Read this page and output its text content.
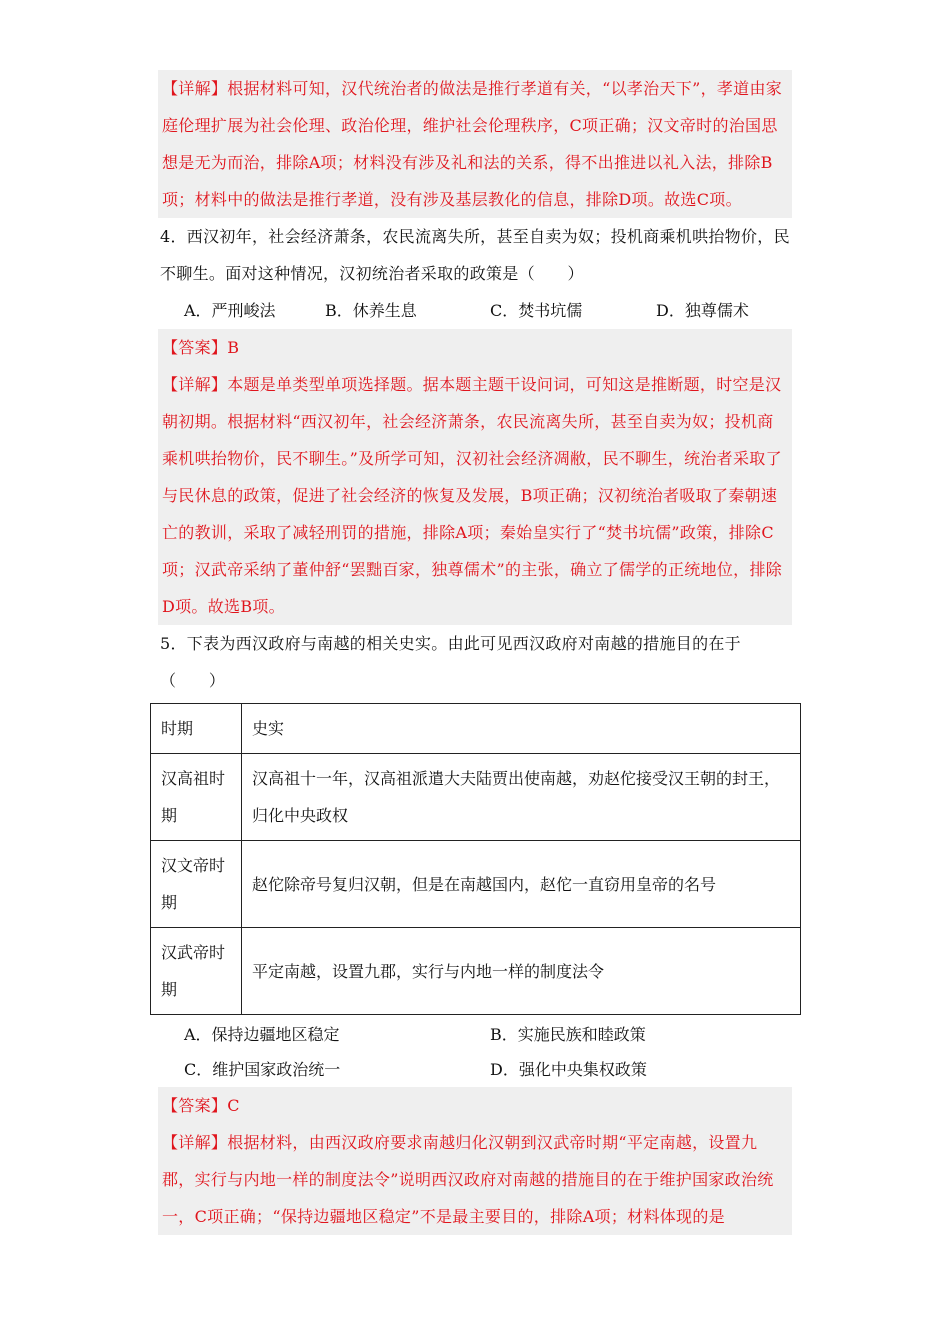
【详解】根据材料可知，汉代统治者的做法是推行孝道有关，“以孝治天下”，孝道由家庭伦理扩展为社会伦理、政治伦理，维护社会伦理秩序，C项正确；汉文帝时的治国思想是无为而治，排除A项；材料没有涉及礼和法的关系，得不出推进以礼入法，排除B项；材料中的做法是推行孝道，没有涉及基层教化的信息，排除D项。故选C项。

4．西汉初年，社会经济萧条，农民流离失所，甚至自卖为奴；投机商乘机哄抬物价，民不聊生。面对这种情况，汉初统治者采取的政策是（　　）

A．严刑峻法	B．休养生息	C．焚书坑儒	D．独尊儒术

【答案】B

【详解】本题是单类型单项选择题。据本题主题干设问词，可知这是推断题，时空是汉朝初期。根据材料“西汉初年，社会经济萧条，农民流离失所，甚至自卖为奴；投机商乘机哄抬物价，民不聊生。”及所学可知，汉初社会经济凋敝，民不聊生，统治者采取了与民休息的政策，促进了社会经济的恢复及发展，B项正确；汉初统治者吸取了秦朝速亡的教训，采取了减轻刑罚的措施，排除A项；秦始皇实行了“焚书坑儒”政策，排除C项；汉武帝采纳了董仲舒“罢黜百家，独尊儒术”的主张，确立了儒学的正统地位，排除D项。故选B项。

5．下表为西汉政府与南越的相关史实。由此可见西汉政府对南越的措施目的在于（　　）

时期	史实
汉高祖时期	汉高祖十一年，汉高祖派遣大夫陆贾出使南越，劝赵佗接受汉王朝的封王，归化中央政权
汉文帝时期	赵佗除帝号复归汉朝，但是在南越国内，赵佗一直窃用皇帝的名号
汉武帝时期	平定南越，设置九郡，实行与内地一样的制度法令
A．保持边疆地区稳定	B．实施民族和睦政策
C．维护国家政治统一	D．强化中央集权政策

【答案】C

【详解】根据材料，由西汉政府要求南越归化汉朝到汉武帝时期“平定南越，设置九郡，实行与内地一样的制度法令”说明西汉政府对南越的措施目的在于维护国家政治统一，C项正确；“保持边疆地区稳定”不是最主要目的，排除A项；材料体现的是
